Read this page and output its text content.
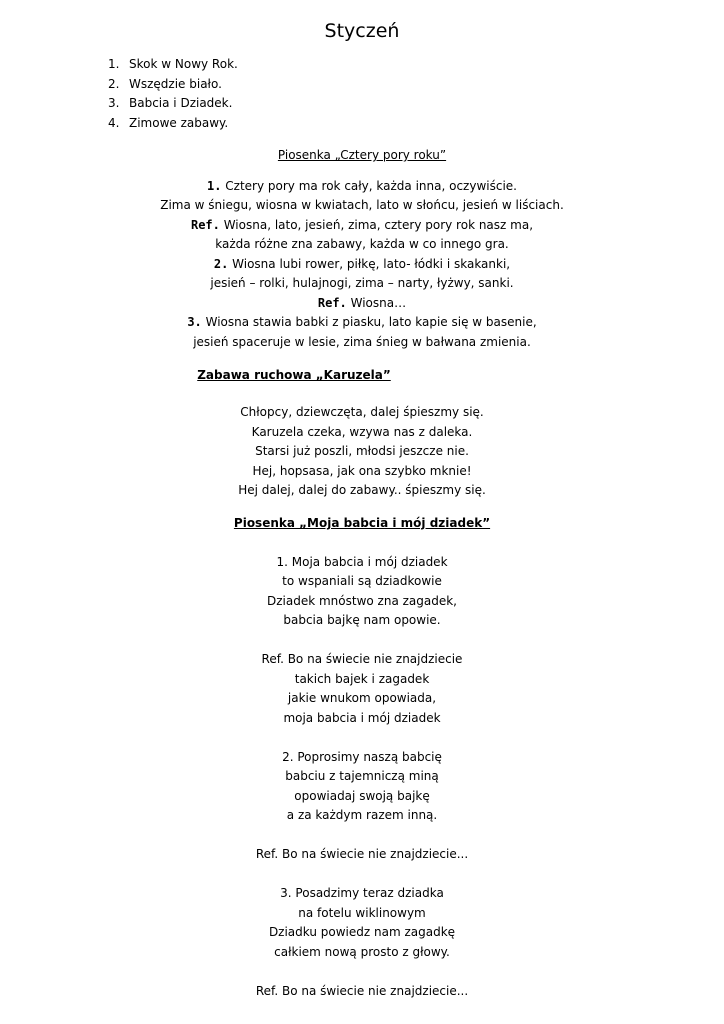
Styczeń
1. Skok w Nowy Rok.
2. Wszędzie biało.
3. Babcia i Dziadek.
4. Zimowe zabawy.
Piosenka „Cztery pory roku”
1. Cztery pory ma rok cały, każda inna, oczywiście.
Zima w śniegu, wiosna w kwiatach, lato w słońcu, jesień w liściach.
Ref. Wiosna, lato, jesień, zima, cztery pory rok nasz ma,
każda różne zna zabawy, każda w co innego gra.
2. Wiosna lubi rower, piłkę, lato- łódki i skakanki,
jesień – rolki, hulajnogi, zima – narty, łyżwy, sanki.
Ref. Wiosna…
3. Wiosna stawia babki z piasku, lato kapie się w basenie,
jesień spaceruje w lesie, zima śnieg w bałwana zmienia.
Zabawa ruchowa „Karuzela”
Chłopcy, dziewczęta, dalej śpieszmy się.
Karuzela czeka, wzywa nas z daleka.
Starsi już poszli, młodsi jeszcze nie.
Hej, hopsasa, jak ona szybko mknie!
Hej dalej, dalej do zabawy.. śpieszmy się.
Piosenka „Moja babcia i mój dziadek”
1. Moja babcia i mój dziadek
to wspaniali są dziadkowie
Dziadek mnóstwo zna zagadek,
babcia bajkę nam opowie.
Ref. Bo na świecie nie znajdziecie
takich bajek i zagadek
jakie wnukom opowiada,
moja babcia i mój dziadek
2. Poprosimy naszą babcię
babciu z tajemniczą miną
opowiadaj swoją bajkę
a za każdym razem inną.
Ref. Bo na świecie nie znajdziecie...
3. Posadzimy teraz dziadka
na fotelu wiklinowym
Dziadku powiedz nam zagadkę
całkiem nową prosto z głowy.
Ref. Bo na świecie nie znajdziecie...
